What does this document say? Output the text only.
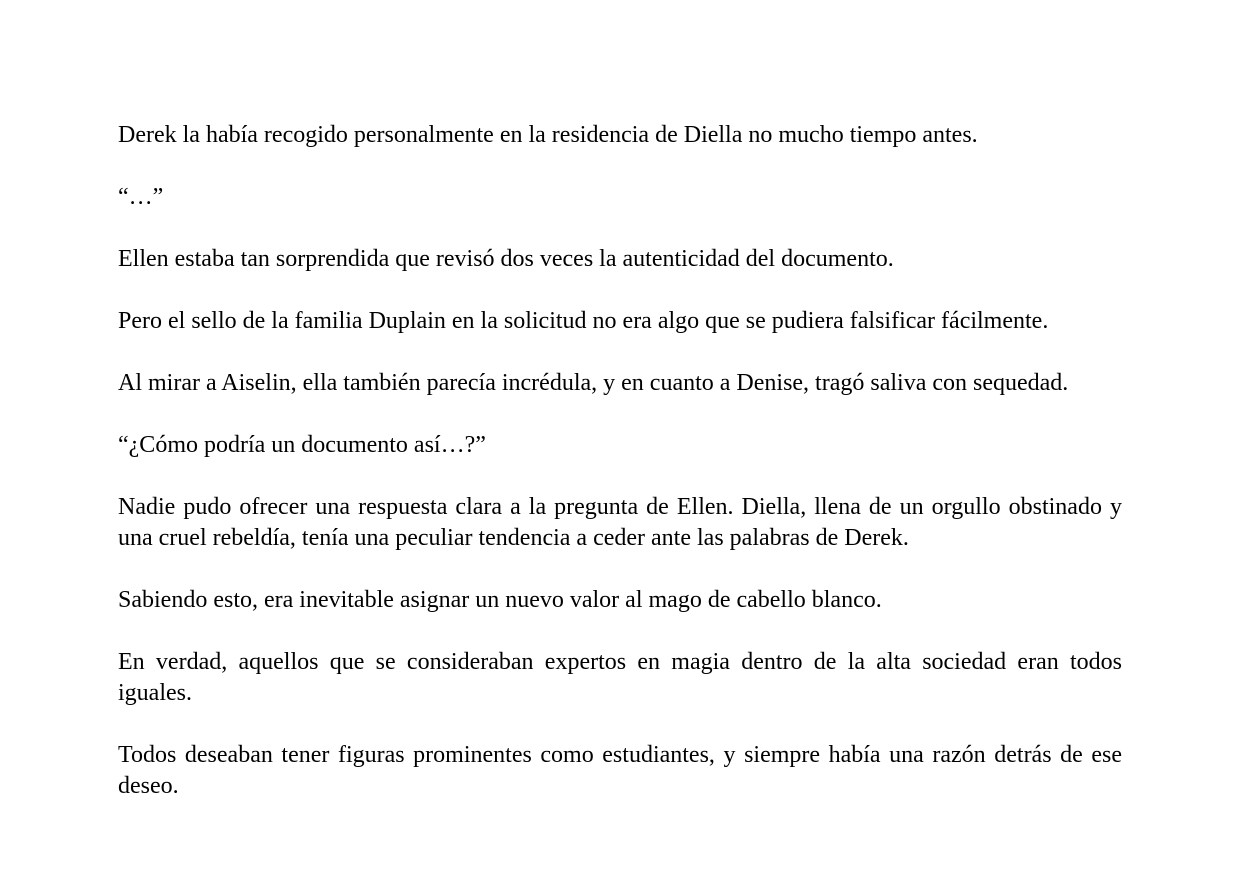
Derek la había recogido personalmente en la residencia de Diella no mucho tiempo antes.

“…”

Ellen estaba tan sorprendida que revisó dos veces la autenticidad del documento.

Pero el sello de la familia Duplain en la solicitud no era algo que se pudiera falsificar fácilmente.

Al mirar a Aiselin, ella también parecía incrédula, y en cuanto a Denise, tragó saliva con sequedad.

“¿Cómo podría un documento así…?”

Nadie pudo ofrecer una respuesta clara a la pregunta de Ellen. Diella, llena de un orgullo obstinado y una cruel rebeldía, tenía una peculiar tendencia a ceder ante las palabras de Derek.

Sabiendo esto, era inevitable asignar un nuevo valor al mago de cabello blanco.

En verdad, aquellos que se consideraban expertos en magia dentro de la alta sociedad eran todos iguales.

Todos deseaban tener figuras prominentes como estudiantes, y siempre había una razón detrás de ese deseo.
